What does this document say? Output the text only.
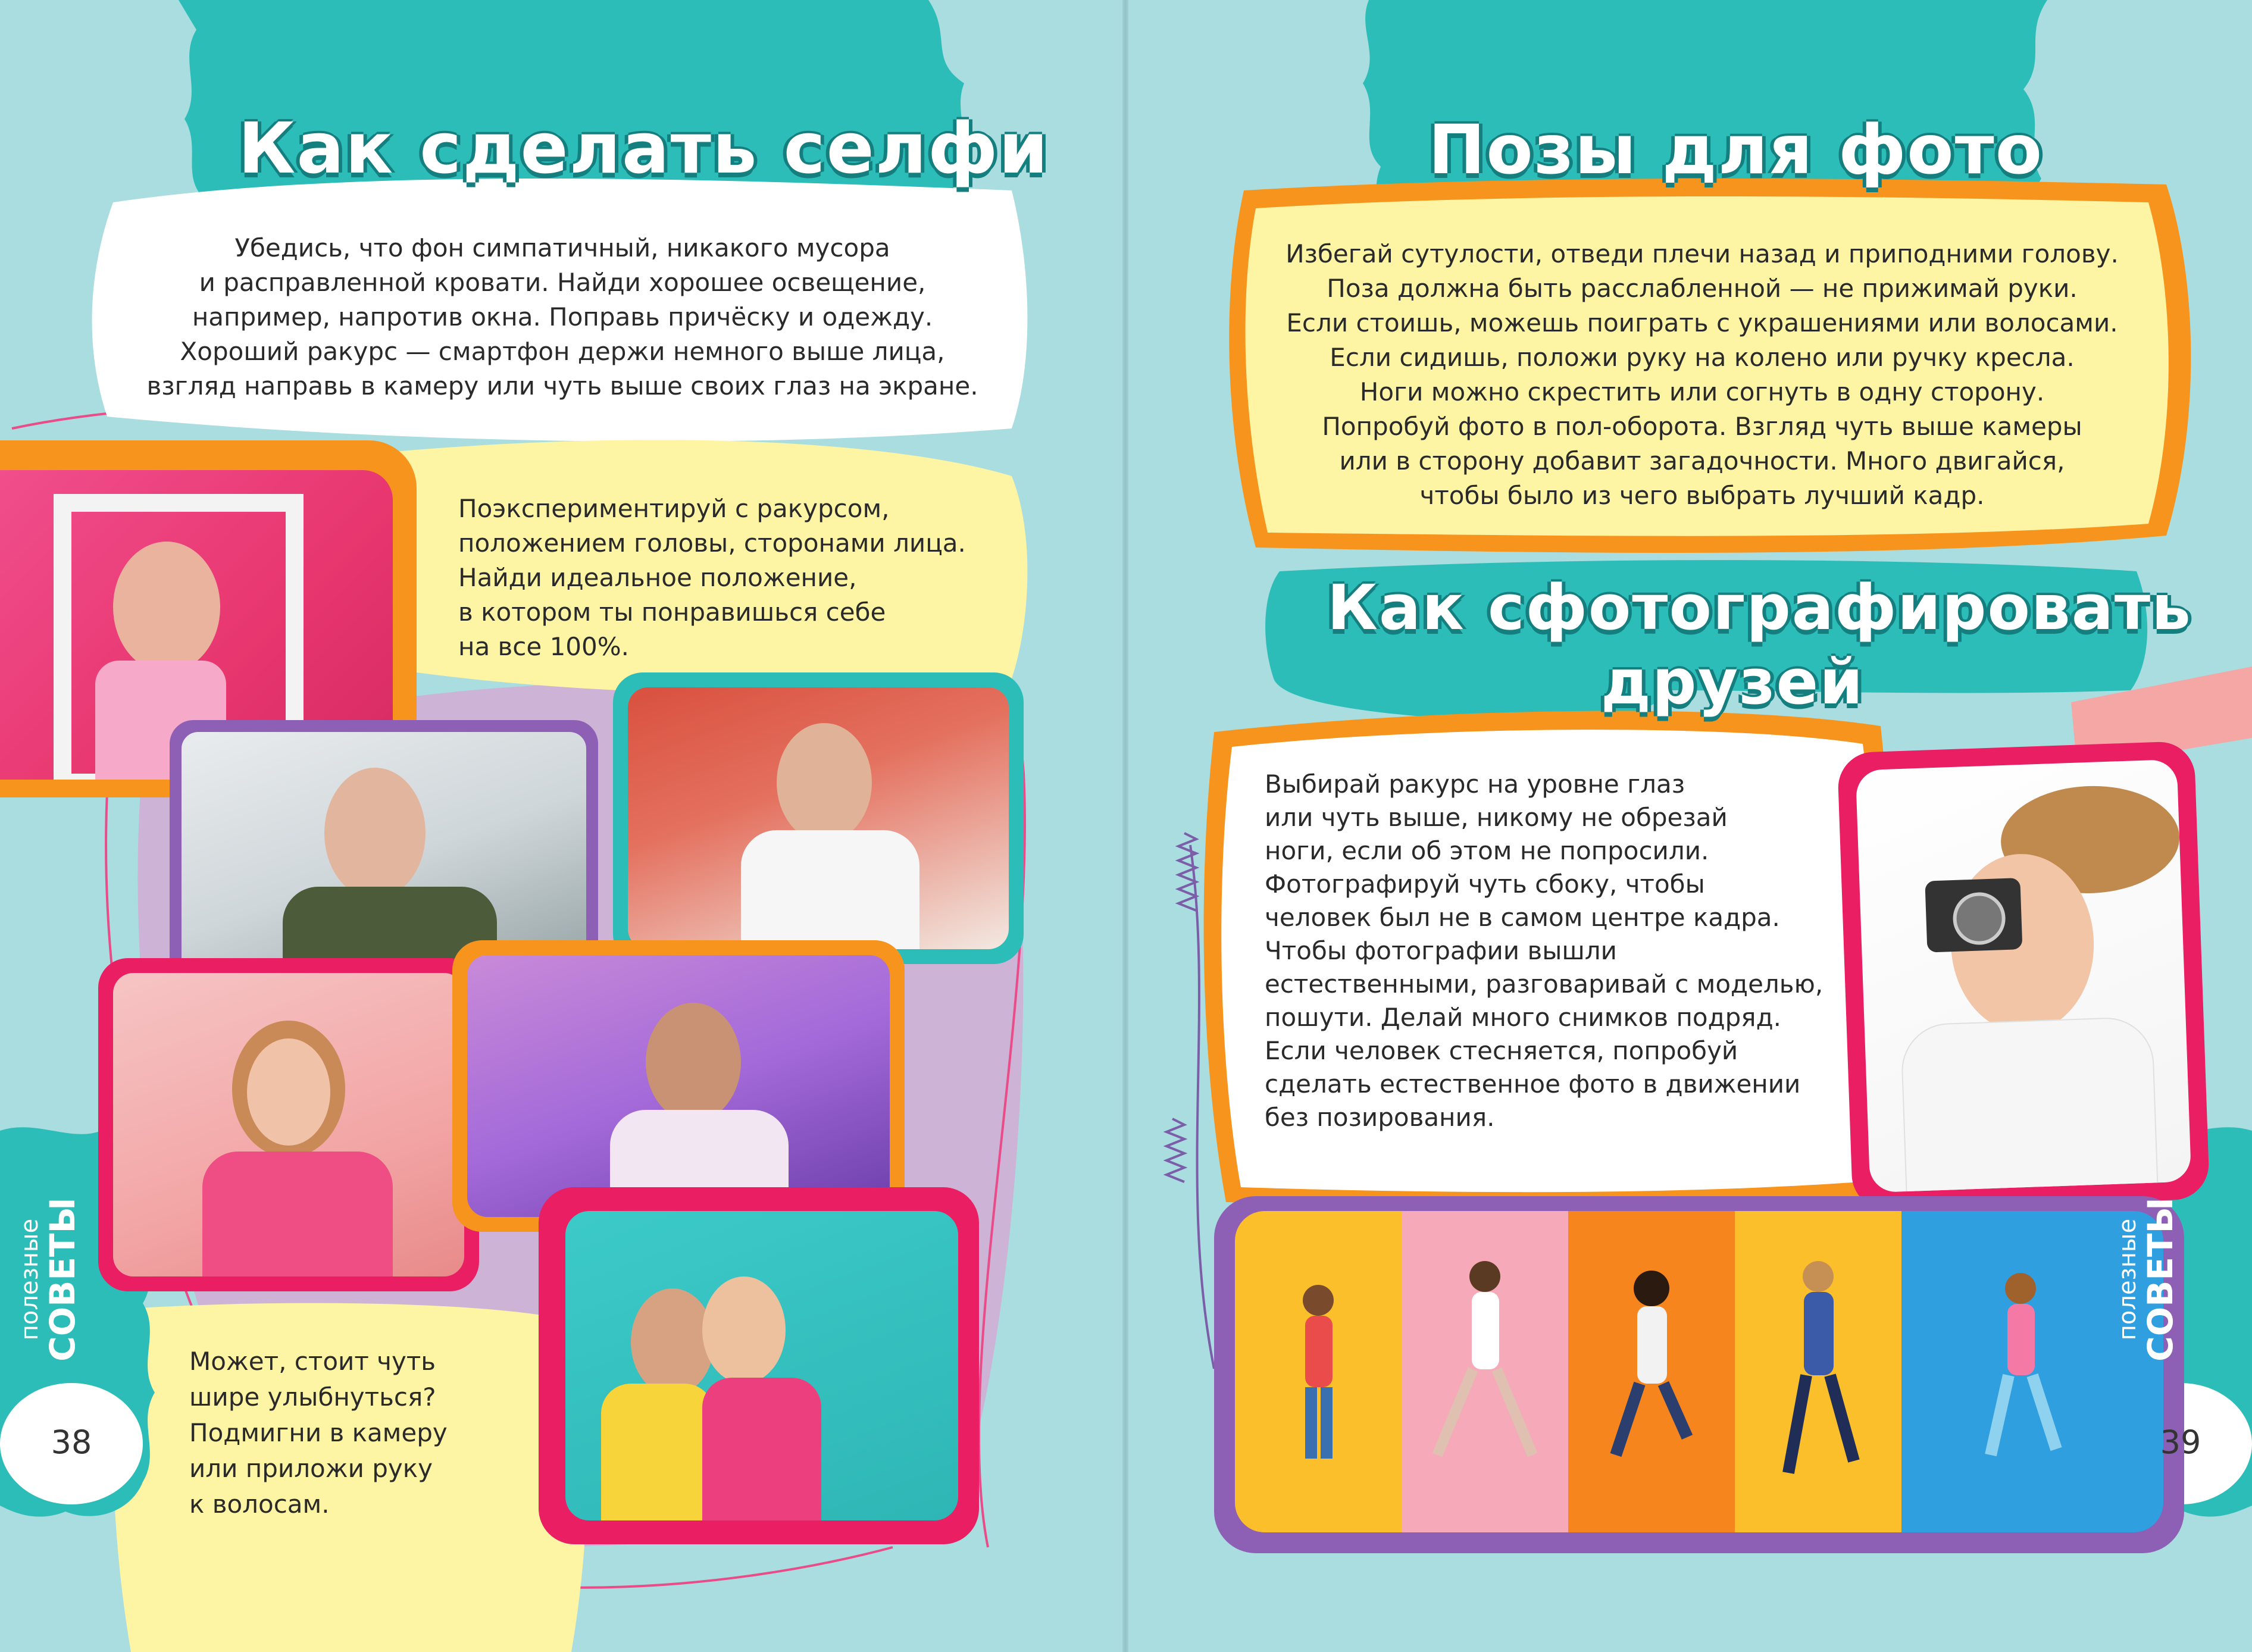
Как сделать селфи
Убедись, что фон симпатичный, никакого мусора
и расправленной кровати. Найди хорошее освещение,
например, напротив окна. Поправь причёску и одежду.
Хороший ракурс — смартфон держи немного выше лица,
взгляд направь в камеру или чуть выше своих глаз на экране.
Поэкспериментируй с ракурсом,
положением головы, сторонами лица.
Найди идеальное положение,
в котором ты понравишься себе
на все 100%.
Может, стоит чуть
шире улыбнуться?
Подмигни в камеру
или приложи руку
к волосам.
полезные
СОВЕТЫ
38
Позы для фото
Избегай сутулости, отведи плечи назад и приподними голову.
Поза должна быть расслабленной — не прижимай руки.
Если стоишь, можешь поиграть с украшениями или волосами.
Если сидишь, положи руку на колено или ручку кресла.
Ноги можно скрестить или согнуть в одну сторону.
Попробуй фото в пол-оборота. Взгляд чуть выше камеры
или в сторону добавит загадочности. Много двигайся,
чтобы было из чего выбрать лучший кадр.
Как сфотографировать
друзей
Выбирай ракурс на уровне глаз
или чуть выше, никому не обрезай
ноги, если об этом не попросили.
Фотографируй чуть сбоку, чтобы
человек был не в самом центре кадра.
Чтобы фотографии вышли
естественными, разговаривай с моделью,
пошути. Делай много снимков подряд.
Если человек стесняется, попробуй
сделать естественное фото в движении
без позирования.
полезные
СОВЕТЫ
39
